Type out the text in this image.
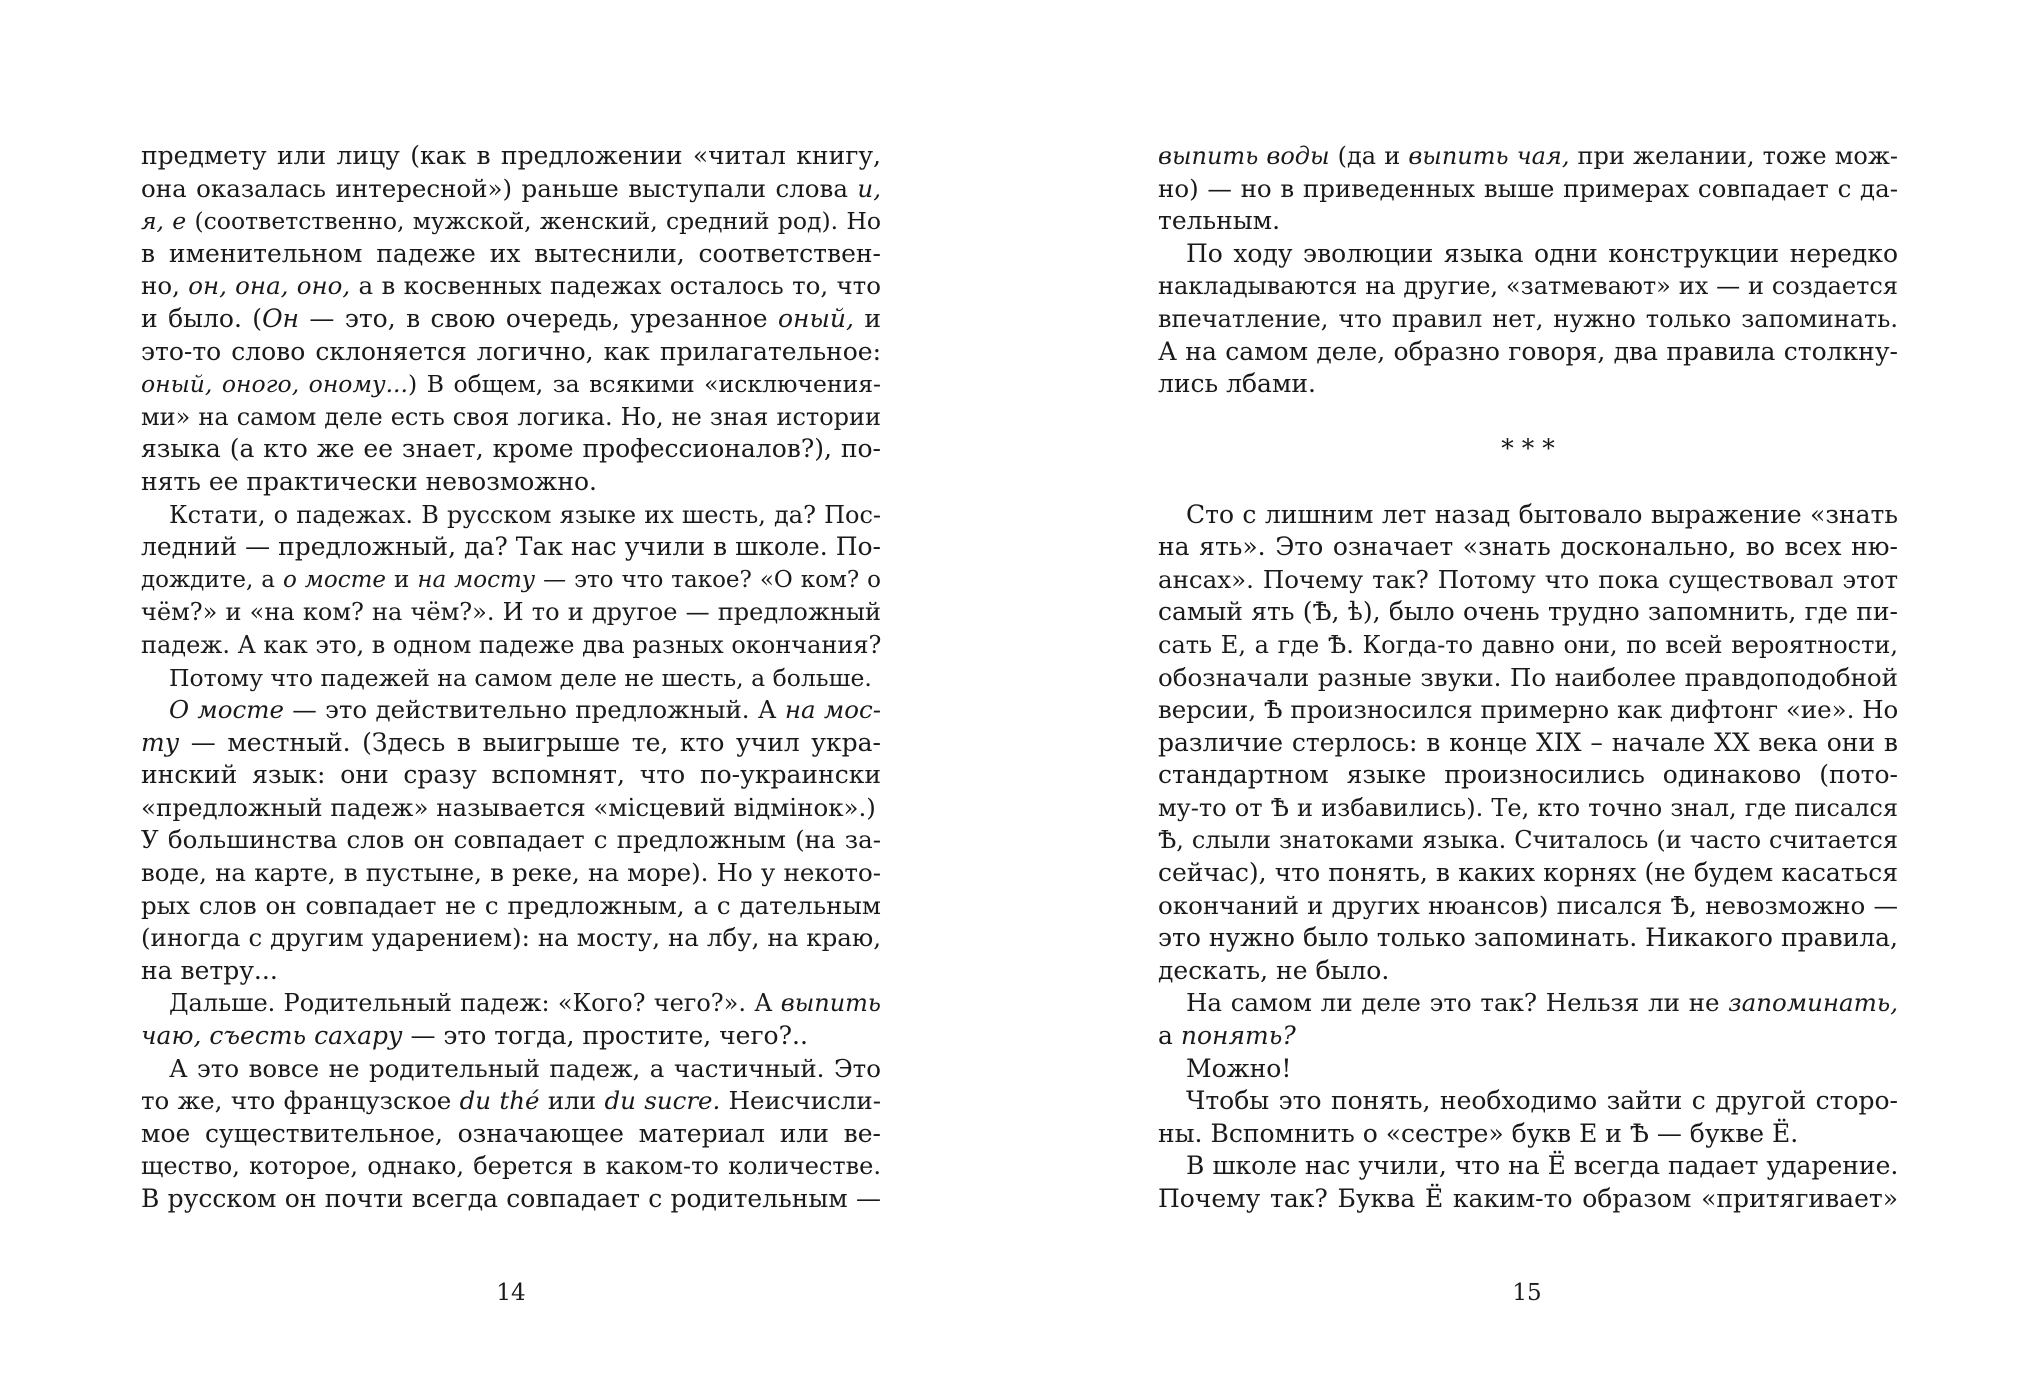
предмету или лицу (как в предложении «читал книгу,
она оказалась интересной») раньше выступали слова и,
я, е (соответственно, мужской, женский, средний род). Но
в именительном падеже их вытеснили, соответствен-
но, он, она, оно, а в косвенных падежах осталось то, что
и было. (Он — это, в свою очередь, урезанное оный, и
это-то слово склоняется логично, как прилагательное:
оный, оного, оному...) В общем, за всякими «исключения-
ми» на самом деле есть своя логика. Но, не зная истории
языка (а кто же ее знает, кроме профессионалов?), по-
нять ее практически невозможно.
Кстати, о падежах. В русском языке их шесть, да? Пос-
ледний — предложный, да? Так нас учили в школе. По-
дождите, а о мосте и на мосту — это что такое? «О ком? о
чём?» и «на ком? на чём?». И то и другое — предложный
падеж. А как это, в одном падеже два разных окончания?
Потому что падежей на самом деле не шесть, а больше.
О мосте — это действительно предложный. А на мос-
ту — местный. (Здесь в выигрыше те, кто учил укра-
инский язык: они сразу вспомнят, что по-украински
«предложный падеж» называется «місцевий відмінок».)
У большинства слов он совпадает с предложным (на за-
воде, на карте, в пустыне, в реке, на море). Но у некото-
рых слов он совпадает не с предложным, а с дательным
(иногда с другим ударением): на мосту, на лбу, на краю,
на ветру...
Дальше. Родительный падеж: «Кого? чего?». А выпить
чаю, съесть сахару — это тогда, простите, чего?..
А это вовсе не родительный падеж, а частичный. Это
то же, что французское du thé или du sucre. Неисчисли-
мое существительное, означающее материал или ве-
щество, которое, однако, берется в каком-то количестве.
В русском он почти всегда совпадает с родительным —
14
выпить воды (да и выпить чая, при желании, тоже мож-
но) — но в приведенных выше примерах совпадает с да-
тельным.
По ходу эволюции языка одни конструкции нередко
накладываются на другие, «затмевают» их — и создается
впечатление, что правил нет, нужно только запоминать.
А на самом деле, образно говоря, два правила столкну-
лись лбами.
* * *
Сто с лишним лет назад бытовало выражение «знать
на ять». Это означает «знать досконально, во всех ню-
ансах». Почему так? Потому что пока существовал этот
самый ять (Ѣ, ѣ), было очень трудно запомнить, где пи-
сать Е, а где Ѣ. Когда-то давно они, по всей вероятности,
обозначали разные звуки. По наиболее правдоподобной
версии, Ѣ произносился примерно как дифтонг «ие». Но
различие стерлось: в конце XIX – начале XX века они в
стандартном языке произносились одинаково (пото-
му-то от Ѣ и избавились). Те, кто точно знал, где писался
Ѣ, слыли знатоками языка. Считалось (и часто считается
сейчас), что понять, в каких корнях (не будем касаться
окончаний и других нюансов) писался Ѣ, невозможно —
это нужно было только запоминать. Никакого правила,
дескать, не было.
На самом ли деле это так? Нельзя ли не запоминать,
а понять?
Можно!
Чтобы это понять, необходимо зайти с другой сторо-
ны. Вспомнить о «сестре» букв Е и Ѣ — букве Ё.
В школе нас учили, что на Ё всегда падает ударение.
Почему так? Буква Ё каким-то образом «притягивает»
15
